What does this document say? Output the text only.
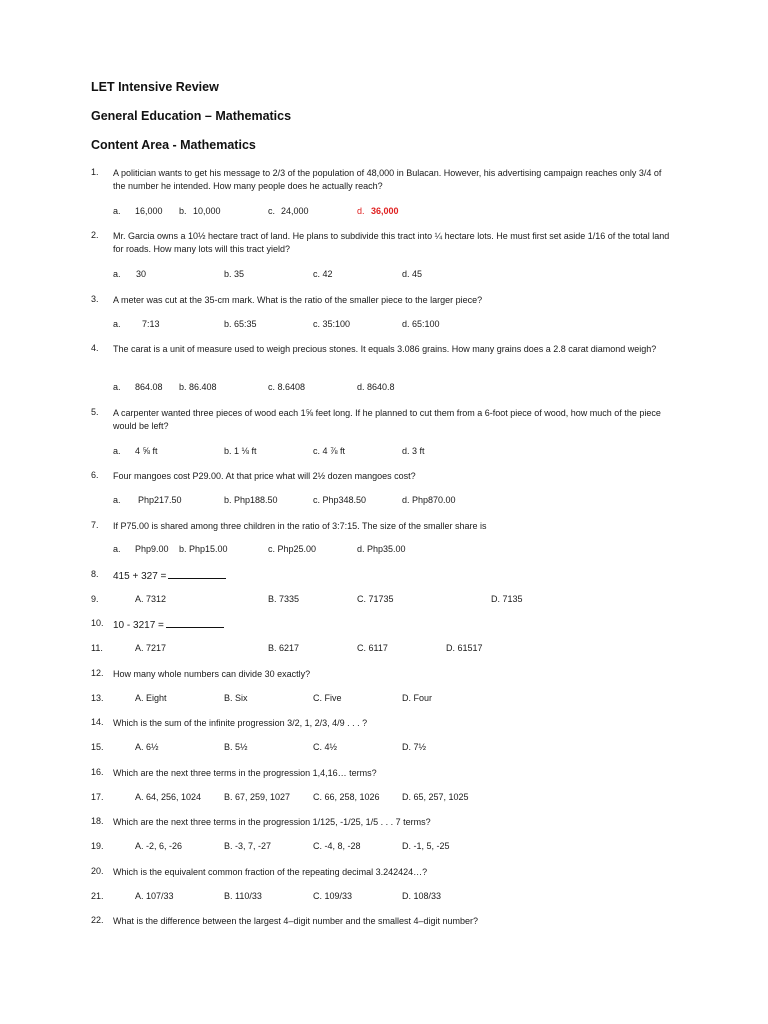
LET Intensive Review
General Education – Mathematics
Content Area - Mathematics
1. A politician wants to get his message to 2/3 of the population of 48,000 in Bulacan. However, his advertising campaign reaches only 3/4 of the number he intended. How many people does he actually reach?
a. 16,000 b. 10,000	c. 24,000	d. 36,000
2. Mr. Garcia owns a 10½ hectare tract of land. He plans to subdivide this tract into ¼ hectare lots. He must first set aside 1/16 of the total land for roads. How many lots will this tract yield?
a. 30	b. 35	c. 42	d. 45
3. A meter was cut at the 35-cm mark. What is the ratio of the smaller piece to the larger piece?
a. 7:13	b. 65:35	c. 35:100	d. 65:100
4. The carat is a unit of measure used to weigh precious stones. It equals 3.086 grains. How many grains does a 2.8 carat diamond weigh?
a. 864.08 b. 86.408	c. 8.6408	d. 8640.8
5. A carpenter wanted three pieces of wood each 1⅝ feet long. If he planned to cut them from a 6-foot piece of wood, how much of the piece would be left?
a. 4 ⅝ ft	b. 1 ⅛ ft	c. 4 ⅞ ft	d. 3 ft
6. Four mangoes cost P29.00. At that price what will 2½ dozen mangoes cost?
a. Php217.50	b. Php188.50	c. Php348.50	d. Php870.00
7. If P75.00 is shared among three children in the ratio of 3:7:15. The size of the smaller share is
a. Php9.00 b. Php15.00	c. Php25.00	d. Php35.00
8. 415 + 327 =
9.	A. 7312	B. 7335	C. 71735	D. 7135
10. 10 - 3217 =
11.	A. 7217	B. 6217	C. 6117	D. 61517
12. How many whole numbers can divide 30 exactly?
13.	A. Eight	B. Six	C. Five	D. Four
14. Which is the sum of the infinite progression 3/2, 1, 2/3, 4/9 . . . ?
15.	A. 6½	B. 5½	C. 4½	D. 7½
16. Which are the next three terms in the progression 1,4,16… terms?
17.	A. 64, 256, 1024	B. 67, 259, 1027	C. 66, 258, 1026 D. 65, 257, 1025
18. Which are the next three terms in the progression 1/125, -1/25, 1/5 . . . 7 terms?
19.	A. -2, 6, -26	B. -3, 7, -27	C. -4, 8, -28	D. -1, 5, -25
20. Which is the equivalent common fraction of the repeating decimal 3.242424…?
21.	A. 107/33	B. 110/33	C. 109/33	D. 108/33
22. What is the difference between the largest 4–digit number and the smallest 4–digit number?
